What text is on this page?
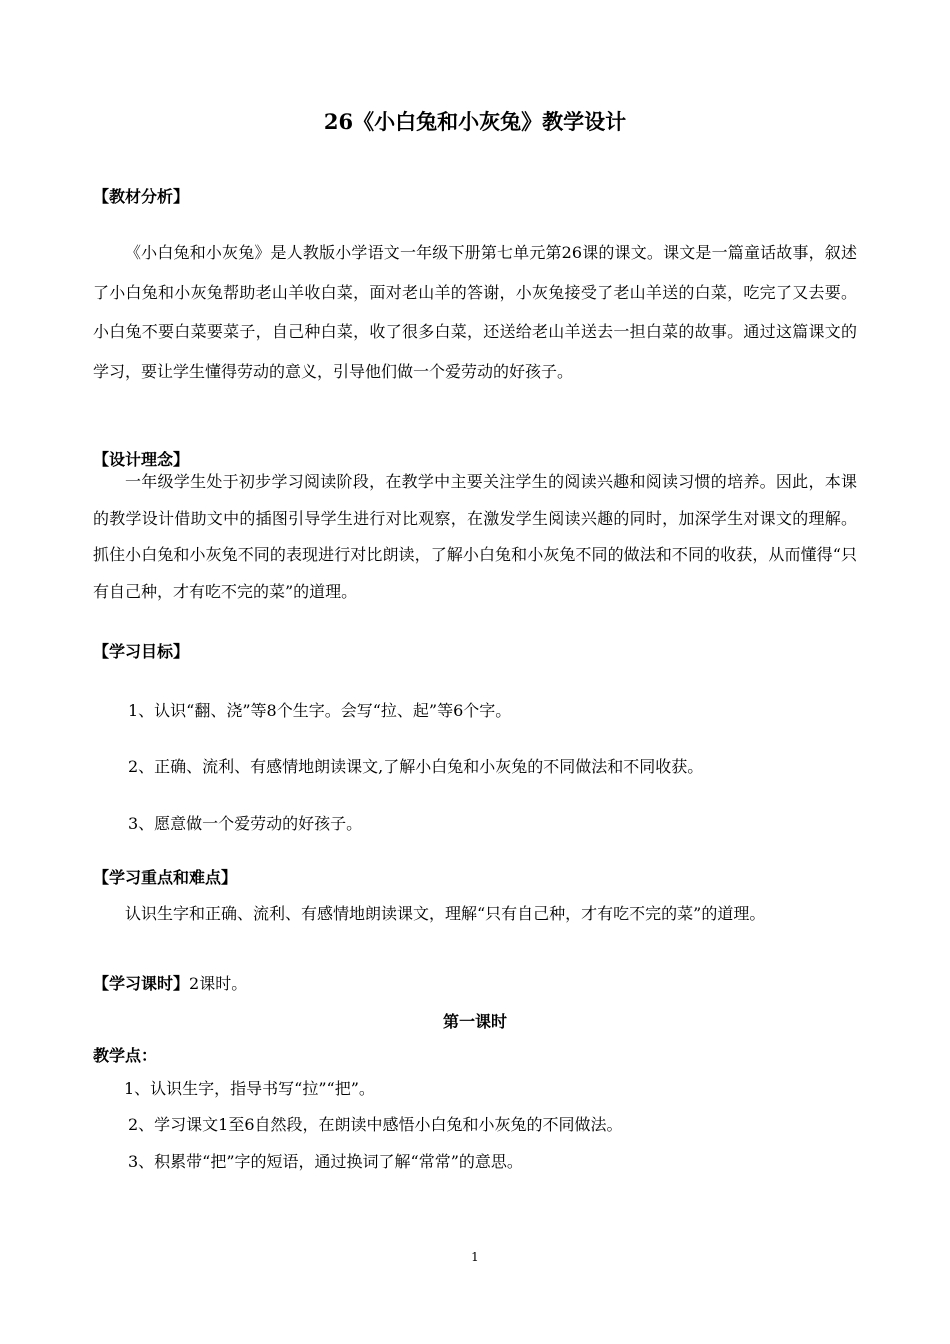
26《小白兔和小灰兔》教学设计
【教材分析】

《小白兔和小灰兔》是人教版小学语文一年级下册第七单元第26课的课文。课文是一篇童话故事，叙述了小白兔和小灰兔帮助老山羊收白菜，面对老山羊的答谢，小灰兔接受了老山羊送的白菜，吃完了又去要。小白兔不要白菜要菜子，自己种白菜，收了很多白菜，还送给老山羊送去一担白菜的故事。通过这篇课文的学习，要让学生懂得劳动的意义，引导他们做一个爱劳动的好孩子。

【设计理念】

一年级学生处于初步学习阅读阶段，在教学中主要关注学生的阅读兴趣和阅读习惯的培养。因此，本课的教学设计借助文中的插图引导学生进行对比观察，在激发学生阅读兴趣的同时，加深学生对课文的理解。抓住小白兔和小灰兔不同的表现进行对比朗读，了解小白兔和小灰兔不同的做法和不同的收获，从而懂得“只有自己种，才有吃不完的菜”的道理。

【学习目标】
1、认识“翻、浇”等8个生字。会写“拉、起”等6个字。
2、正确、流利、有感情地朗读课文,了解小白兔和小灰兔的不同做法和不同收获。
3、愿意做一个爱劳动的好孩子。
【学习重点和难点】

认识生字和正确、流利、有感情地朗读课文，理解“只有自己种，才有吃不完的菜”的道理。

【学习课时】2课时。
第一课时
教学点：
1、认识生字，指导书写“拉”“把”。
2、学习课文1至6自然段，在朗读中感悟小白兔和小灰兔的不同做法。
3、积累带“把”字的短语，通过换词了解“常常”的意思。
1
